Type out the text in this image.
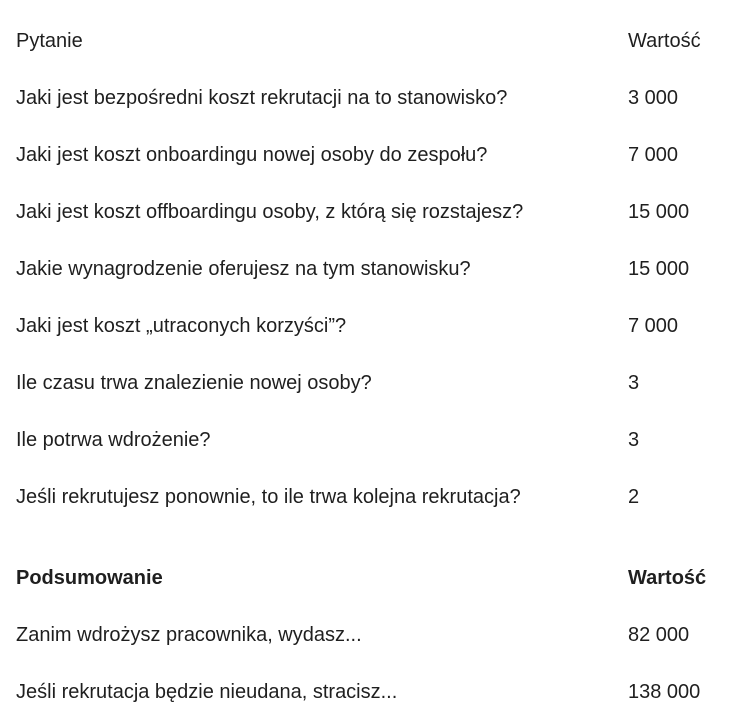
Pytanie	Wartość
Jaki jest bezpośredni koszt rekrutacji na to stanowisko?	3 000
Jaki jest koszt onboardingu nowej osoby do zespołu?	7 000
Jaki jest koszt offboardingu osoby, z którą się rozstajesz?	15 000
Jakie wynagrodzenie oferujesz na tym stanowisku?	15 000
Jaki jest koszt „utraconych korzyści”?	7 000
Ile czasu trwa znalezienie nowej osoby?	3
Ile potrwa wdrożenie?	3
Jeśli rekrutujesz ponownie, to ile trwa kolejna rekrutacja?	2
Podsumowanie	Wartość
Zanim wdrożysz pracownika, wydasz...	82 000
Jeśli rekrutacja będzie nieudana, stracisz...	138 000
